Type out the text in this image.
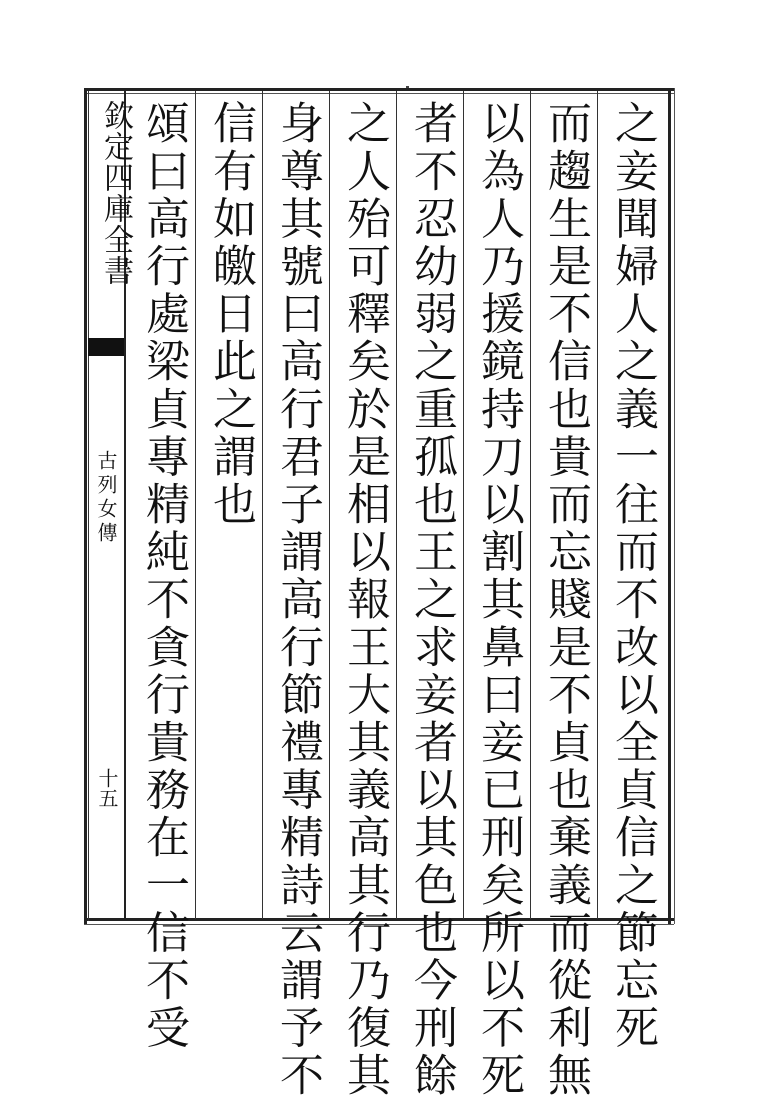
欽定四庫全書
古列女傳
十五	之妾聞婦人之義一往而不改以全貞信之節忘死
而趨生是不信也貴而忘賤是不貞也棄義而從利無
以為人乃援鏡持刀以割其鼻曰妾已刑矣所以不死
者不忍幼弱之重孤也王之求妾者以其色也今刑餘
之人殆可釋矣於是相以報王大其義高其行乃復其
身尊其號曰高行君子謂高行節禮專精詩云謂予不
信有如皦日此之謂也
頌曰高行處梁貞專精純不貪行貴務在一信不受
